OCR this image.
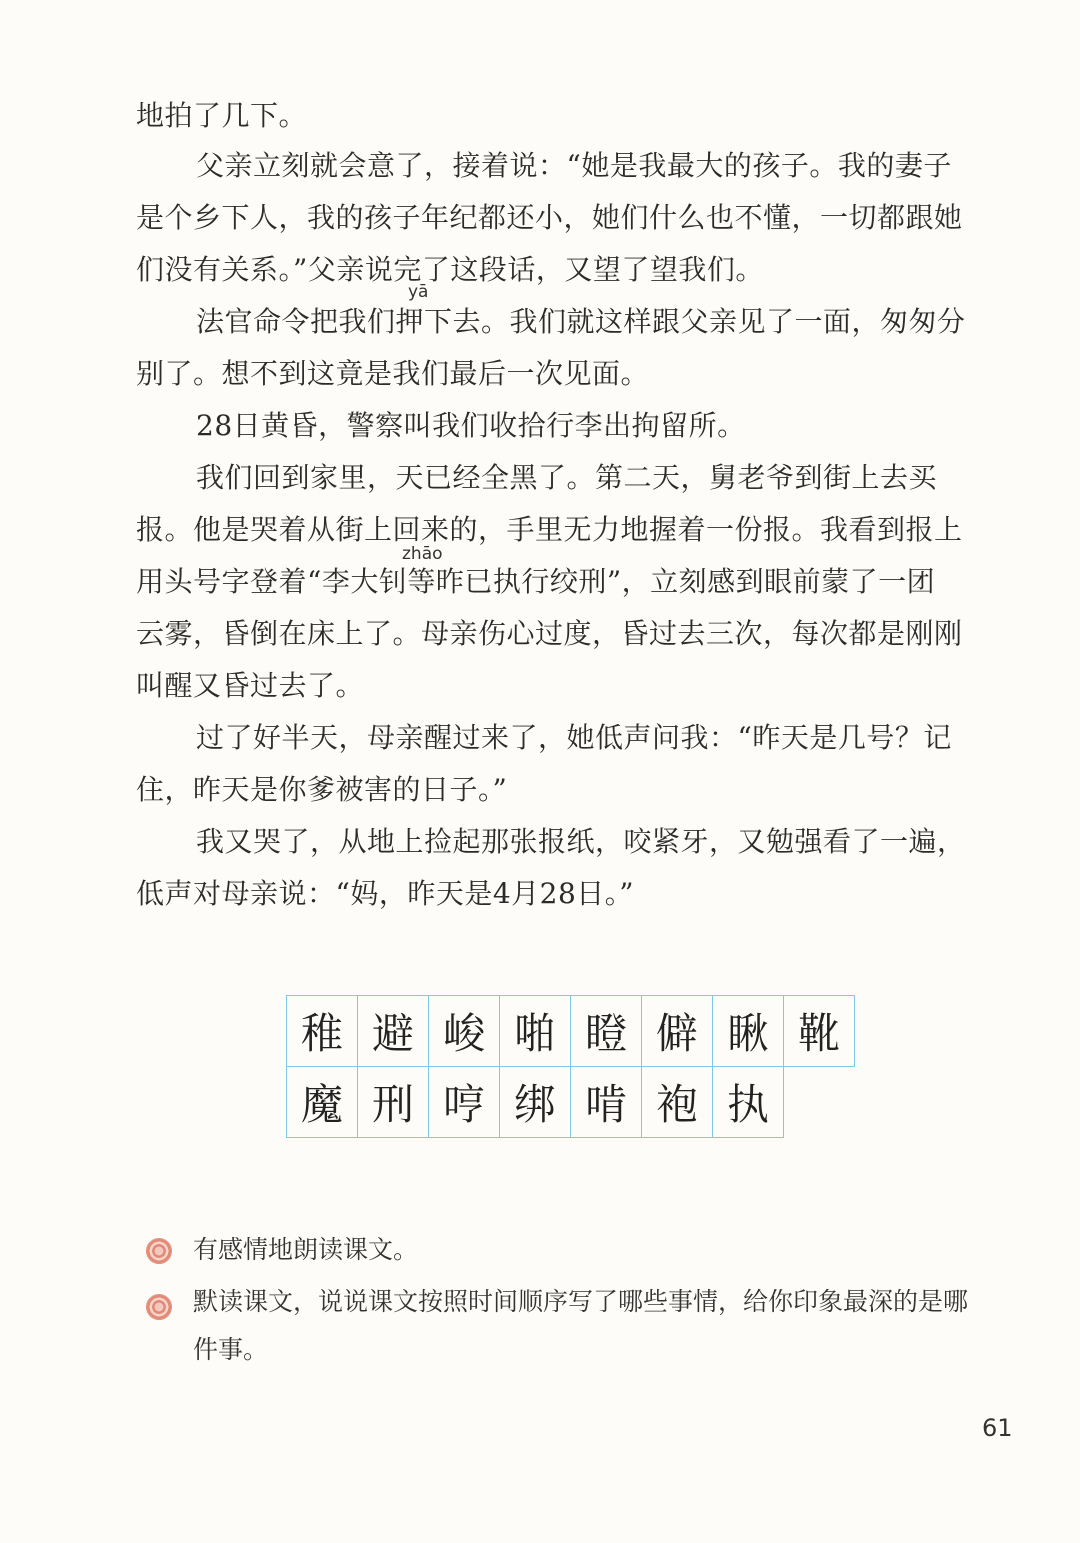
地拍了几下。
父亲立刻就会意了，接着说：“她是我最大的孩子。我的妻子
是个乡下人，我的孩子年纪都还小，她们什么也不懂，一切都跟她
们没有关系。”父亲说完了这段话，又望了望我们。
yā
法官命令把我们押下去。我们就这样跟父亲见了一面，匆匆分
别了。想不到这竟是我们最后一次见面。
28日黄昏，警察叫我们收拾行李出拘留所。
我们回到家里，天已经全黑了。第二天，舅老爷到街上去买
报。他是哭着从街上回来的，手里无力地握着一份报。我看到报上
zhāo
用头号字登着“李大钊等昨已执行绞刑”，立刻感到眼前蒙了一团
云雾，昏倒在床上了。母亲伤心过度，昏过去三次，每次都是刚刚
叫醒又昏过去了。
过了好半天，母亲醒过来了，她低声问我：“昨天是几号？记
住，昨天是你爹被害的日子。”
我又哭了，从地上捡起那张报纸，咬紧牙，又勉强看了一遍，
低声对母亲说：“妈，昨天是4月28日。”
稚	避	峻	啪	瞪	僻	瞅	靴
魔	刑	哼	绑	啃	袍	执	
有感情地朗读课文。
默读课文，说说课文按照时间顺序写了哪些事情，给你印象最深的是哪
件事。
61
